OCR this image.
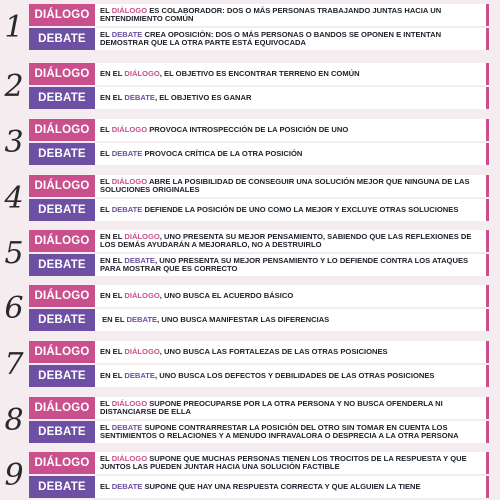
1 DIÁLOGO	EL DIÁLOGO ES COLABORADOR: DOS O MÁS PERSONAS TRABAJANDO JUNTAS HACIA UN ENTENDIMIENTO COMÚN
DEBATE	EL DEBATE CREA OPOSICIÓN: DOS O MÁS PERSONAS O BANDOS SE OPONEN E INTENTAN DEMOSTRAR QUE LA OTRA PARTE ESTÁ EQUIVOCADA
2 DIÁLOGO	EN EL DIÁLOGO, EL OBJETIVO ES ENCONTRAR TERRENO EN COMÚN
DEBATE	EN EL DEBATE, EL OBJETIVO ES GANAR
3 DIÁLOGO	EL DIÁLOGO PROVOCA INTROSPECCIÓN DE LA POSICIÓN DE UNO
DEBATE	EL DEBATE PROVOCA CRÍTICA DE LA OTRA POSICIÓN
4 DIÁLOGO	EL DIÁLOGO ABRE LA POSIBILIDAD DE CONSEGUIR UNA SOLUCIÓN MEJOR QUE NINGUNA DE LAS SOLUCIONES ORIGINALES
DEBATE	EL DEBATE DEFIENDE LA POSICIÓN DE UNO COMO LA MEJOR Y EXCLUYE OTRAS SOLUCIONES
5 DIÁLOGO	EN EL DIÁLOGO, UNO PRESENTA SU MEJOR PENSAMIENTO, SABIENDO QUE LAS REFLEXIONES DE LOS DEMÁS AYUDARÁN A MEJORARLO, NO A DESTRUIRLO
DEBATE	EN EL DEBATE, UNO PRESENTA SU MEJOR PENSAMIENTO Y LO DEFIENDE CONTRA LOS ATAQUES PARA MOSTRAR QUE ES CORRECTO
6 DIÁLOGO	EN EL DIÁLOGO, UNO BUSCA EL ACUERDO BÁSICO
DEBATE	EN EL DEBATE, UNO BUSCA MANIFESTAR LAS DIFERENCIAS
7 DIÁLOGO	EN EL DIÁLOGO, UNO BUSCA LAS FORTALEZAS DE LAS OTRAS POSICIONES
DEBATE	EN EL DEBATE, UNO BUSCA LOS DEFECTOS Y DEBILIDADES DE LAS OTRAS POSICIONES
8 DIÁLOGO	EL DIÁLOGO SUPONE PREOCUPARSE POR LA OTRA PERSONA Y NO BUSCA OFENDERLA NI DISTANCIARSE DE ELLA
DEBATE	EL DEBATE SUPONE CONTRARRESTAR LA POSICIÓN DEL OTRO SIN TOMAR EN CUENTA LOS SENTIMIENTOS O RELACIONES Y A MENUDO INFRAVALORA O DESPRECIA A LA OTRA PERSONA
9 DIÁLOGO	EL DIÁLOGO SUPONE QUE MUCHAS PERSONAS TIENEN LOS TROCITOS DE LA RESPUESTA Y QUE JUNTOS LAS PUEDEN JUNTAR HACIA UNA SOLUCIÓN FACTIBLE
DEBATE	EL DEBATE SUPONE QUE HAY UNA RESPUESTA CORRECTA Y QUE ALGUIEN LA TIENE
